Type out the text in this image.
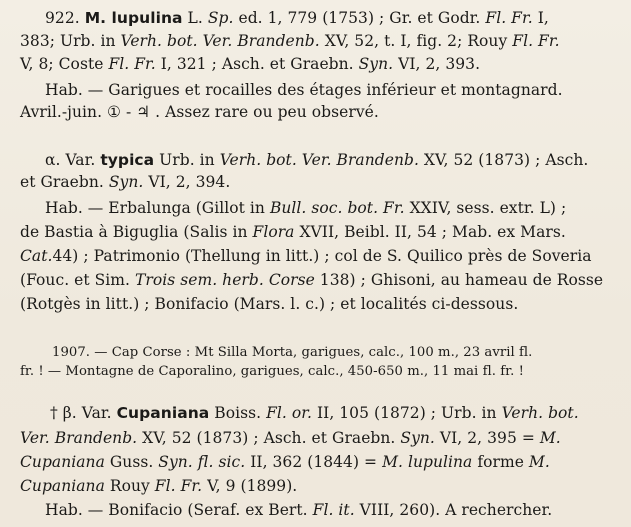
922. M. lupulina L. Sp. ed. 1, 779 (1753) ; Gr. et Godr. Fl. Fr. I,
383; Urb. in Verh. bot. Ver. Brandenb. XV, 52, t. I, fig. 2; Rouy Fl. Fr.
V, 8; Coste Fl. Fr. I, 321 ; Asch. et Graebn. Syn. VI, 2, 393.
Hab. — Garigues et rocailles des étages inférieur et montagnard.
Avril.-juin. ① - ♃ . Assez rare ou peu observé.
α. Var. typica Urb. in Verh. bot. Ver. Brandenb. XV, 52 (1873) ; Asch.
et Graebn. Syn. VI, 2, 394.
Hab. — Erbalunga (Gillot in Bull. soc. bot. Fr. XXIV, sess. extr. L) ;
de Bastia à Biguglia (Salis in Flora XVII, Beibl. II, 54 ; Mab. ex Mars.
Cat.44) ; Patrimonio (Thellung in litt.) ; col de S. Quilico près de Soveria
(Fouc. et Sim. Trois sem. herb. Corse 138) ; Ghisoni, au hameau de Rosse
(Rotgès in litt.) ; Bonifacio (Mars. l. c.) ; et localités ci-dessous.
1907. — Cap Corse : Mt Silla Morta, garigues, calc., 100 m., 23 avril fl.
fr. ! — Montagne de Caporalino, garigues, calc., 450-650 m., 11 mai fl. fr. !
† β. Var. Cupaniana Boiss. Fl. or. II, 105 (1872) ; Urb. in Verh. bot.
Ver. Brandenb. XV, 52 (1873) ; Asch. et Graebn. Syn. VI, 2, 395 = M.
Cupaniana Guss. Syn. fl. sic. II, 362 (1844) = M. lupulina forme M.
Cupaniana Rouy Fl. Fr. V, 9 (1899).
Hab. — Bonifacio (Seraf. ex Bert. Fl. it. VIII, 260). A rechercher.
